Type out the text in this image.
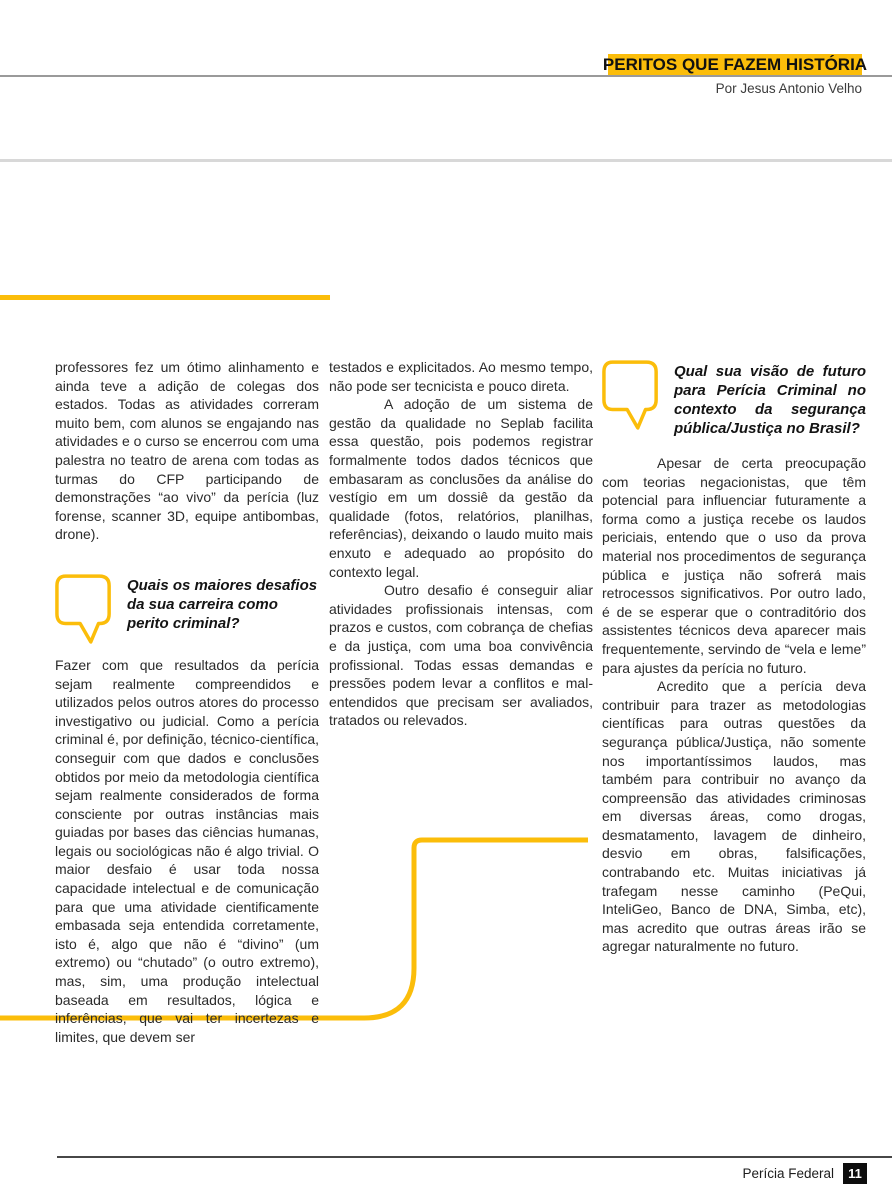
PERITOS QUE FAZEM HISTÓRIA
Por Jesus Antonio Velho

professores fez um ótimo alinhamento e ainda teve a adição de colegas dos estados. Todas as atividades correram muito bem, com alunos se engajando nas atividades e o curso se encerrou com uma palestra no teatro de arena com todas as turmas do CFP participando de demonstrações “ao vivo” da perícia (luz forense, scanner 3D, equipe antibombas, drone).

Quais os maiores desafios da sua carreira como perito criminal?

Fazer com que resultados da perícia sejam realmente compreendidos e utilizados pelos outros atores do processo investigativo ou judicial. Como a perícia criminal é, por definição, técnico-científica, conseguir com que dados e conclusões obtidos por meio da metodologia científica sejam realmente considerados de forma consciente por outras instâncias mais guiadas por bases das ciências humanas, legais ou sociológicas não é algo trivial. O maior desfaio é usar toda nossa capacidade intelectual e de comunicação para que uma atividade cientificamente embasada seja entendida corretamente, isto é, algo que não é “divino” (um extremo) ou “chutado” (o outro extremo), mas, sim, uma produção intelectual baseada em resultados, lógica e inferências, que vai ter incertezas e limites, que devem ser

testados e explicitados. Ao mesmo tempo, não pode ser tecnicista e pouco direta.

A adoção de um sistema de gestão da qualidade no Seplab facilita essa questão, pois podemos registrar formalmente todos dados técnicos que embasaram as conclusões da análise do vestígio em um dossiê da gestão da qualidade (fotos, relatórios, planilhas, referências), deixando o laudo muito mais enxuto e adequado ao propósito do contexto legal.

Outro desafio é conseguir aliar atividades profissionais intensas, com prazos e custos, com cobrança de chefias e da justiça, com uma boa convivência profissional. Todas essas demandas e pressões podem levar a conflitos e mal-entendidos que precisam ser avaliados, tratados ou relevados.

Qual sua visão de futuro para Perícia Criminal no contexto da segurança pública/Justiça no Brasil?

Apesar de certa preocupação com teorias negacionistas, que têm potencial para influenciar futuramente a forma como a justiça recebe os laudos periciais, entendo que o uso da prova material nos procedimentos de segurança pública e justiça não sofrerá mais retrocessos significativos. Por outro lado, é de se esperar que o contraditório dos assistentes técnicos deva aparecer mais frequentemente, servindo de “vela e leme” para ajustes da perícia no futuro.

Acredito que a perícia deva contribuir para trazer as metodologias científicas para outras questões da segurança pública/Justiça, não somente nos importantíssimos laudos, mas também para contribuir no avanço da compreensão das atividades criminosas em diversas áreas, como drogas, desmatamento, lavagem de dinheiro, desvio em obras, falsificações, contrabando etc. Muitas iniciativas já trafegam nesse caminho (PeQui, InteliGeo, Banco de DNA, Simba, etc), mas acredito que outras áreas irão se agregar naturalmente no futuro.

Perícia Federal	11
